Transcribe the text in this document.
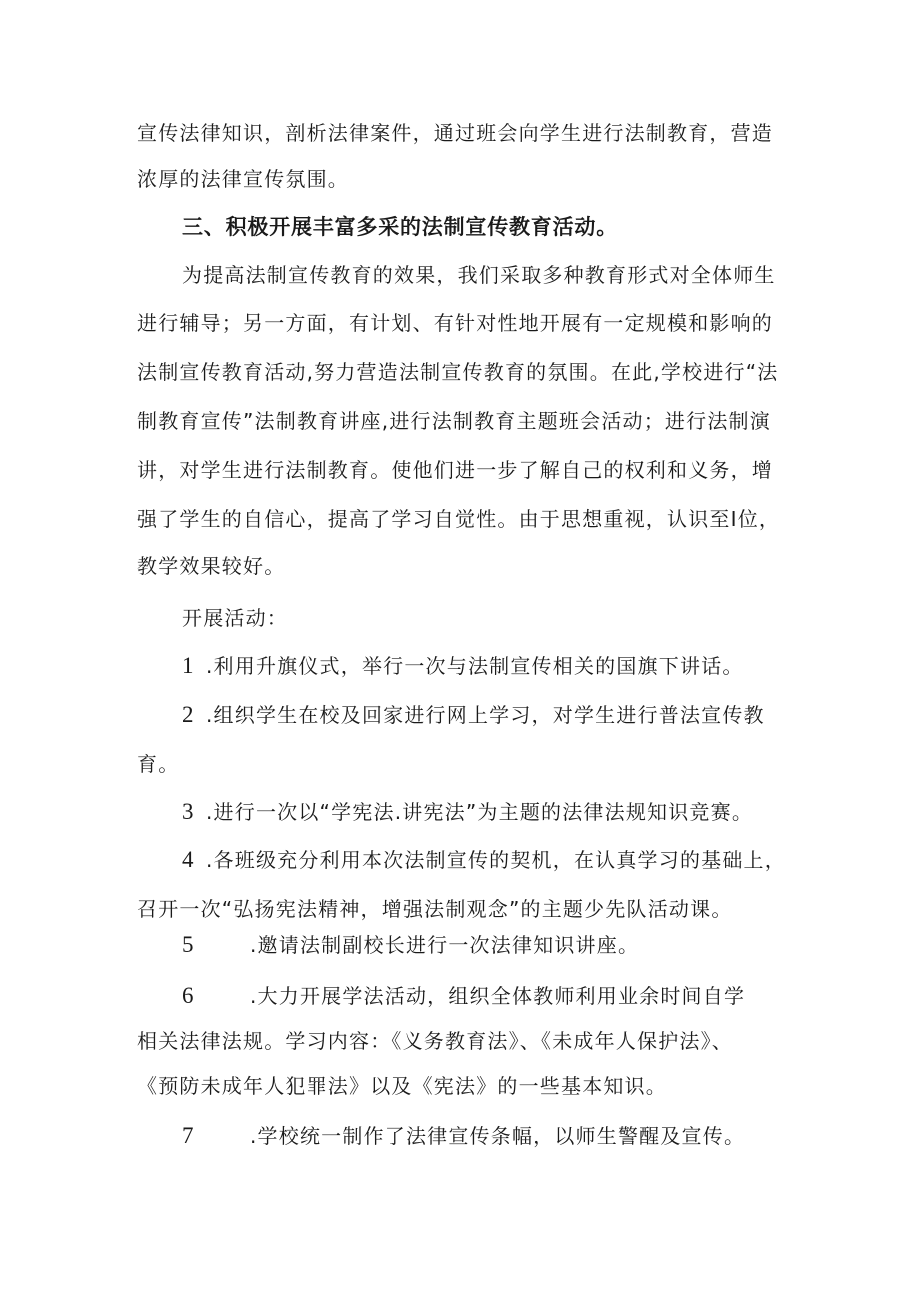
宣传法律知识，剖析法律案件，通过班会向学生进行法制教育，营造
浓厚的法律宣传氛围。
三、积极开展丰富多采的法制宣传教育活动。
为提高法制宣传教育的效果，我们采取多种教育形式对全体师生
进行辅导；另一方面，有计划、有针对性地开展有一定规模和影响的
法制宣传教育活动,努力营造法制宣传教育的氛围。在此,学校进行“法
制教育宣传”法制教育讲座,进行法制教育主题班会活动；进行法制演
讲，对学生进行法制教育。使他们进一步了解自己的权利和义务，增
强了学生的自信心，提高了学习自觉性。由于思想重视，认识至Ⅰ位，
教学效果较好。
开展活动：
1 .利用升旗仪式，举行一次与法制宣传相关的国旗下讲话。
2 .组织学生在校及回家进行网上学习，对学生进行普法宣传教
育。
3 .进行一次以“学宪法.讲宪法”为主题的法律法规知识竞赛。
4 .各班级充分利用本次法制宣传的契机，在认真学习的基础上，
召开一次“弘扬宪法精神，增强法制观念”的主题少先队活动课。
5	.邀请法制副校长进行一次法律知识讲座。
6	.大力开展学法活动，组织全体教师利用业余时间自学
相关法律法规。学习内容：《义务教育法》、《未成年人保护法》、
《预防未成年人犯罪法》以及《宪法》的一些基本知识。
7	.学校统一制作了法律宣传条幅，以师生警醒及宣传。
